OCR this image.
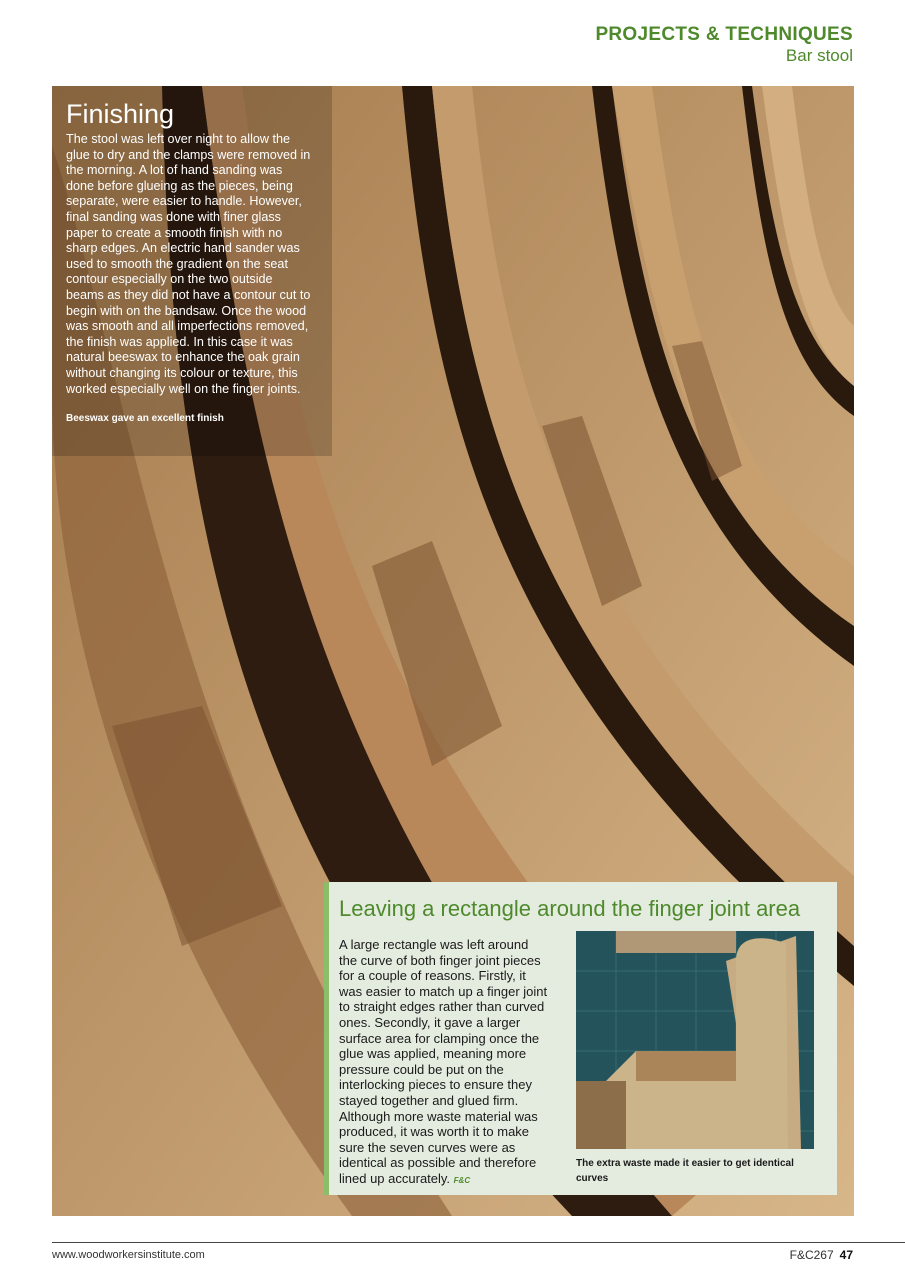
PROJECTS & TECHNIQUES
Bar stool
Finishing

The stool was left over night to allow the glue to dry and the clamps were removed in the morning. A lot of hand sanding was done before glueing as the pieces, being separate, were easier to handle. However, final sanding was done with finer glass paper to create a smooth finish with no sharp edges. An electric hand sander was used to smooth the gradient on the seat contour especially on the two outside beams as they did not have a contour cut to begin with on the bandsaw. Once the wood was smooth and all imperfections removed, the finish was applied. In this case it was natural beeswax to enhance the oak grain without changing its colour or texture, this worked especially well on the finger joints.

Beeswax gave an excellent finish

Leaving a rectangle around the finger joint area
A large rectangle was left around the curve of both finger joint pieces for a couple of reasons. Firstly, it was easier to match up a finger joint to straight edges rather than curved ones. Secondly, it gave a larger surface area for clamping once the glue was applied, meaning more pressure could be put on the interlocking pieces to ensure they stayed together and glued firm. Although more waste material was produced, it was worth it to make sure the seven curves were as identical as possible and therefore lined up accurately. F&C
The extra waste made it easier to get identical curves
www.woodworkersinstitute.com	F&C267 47
